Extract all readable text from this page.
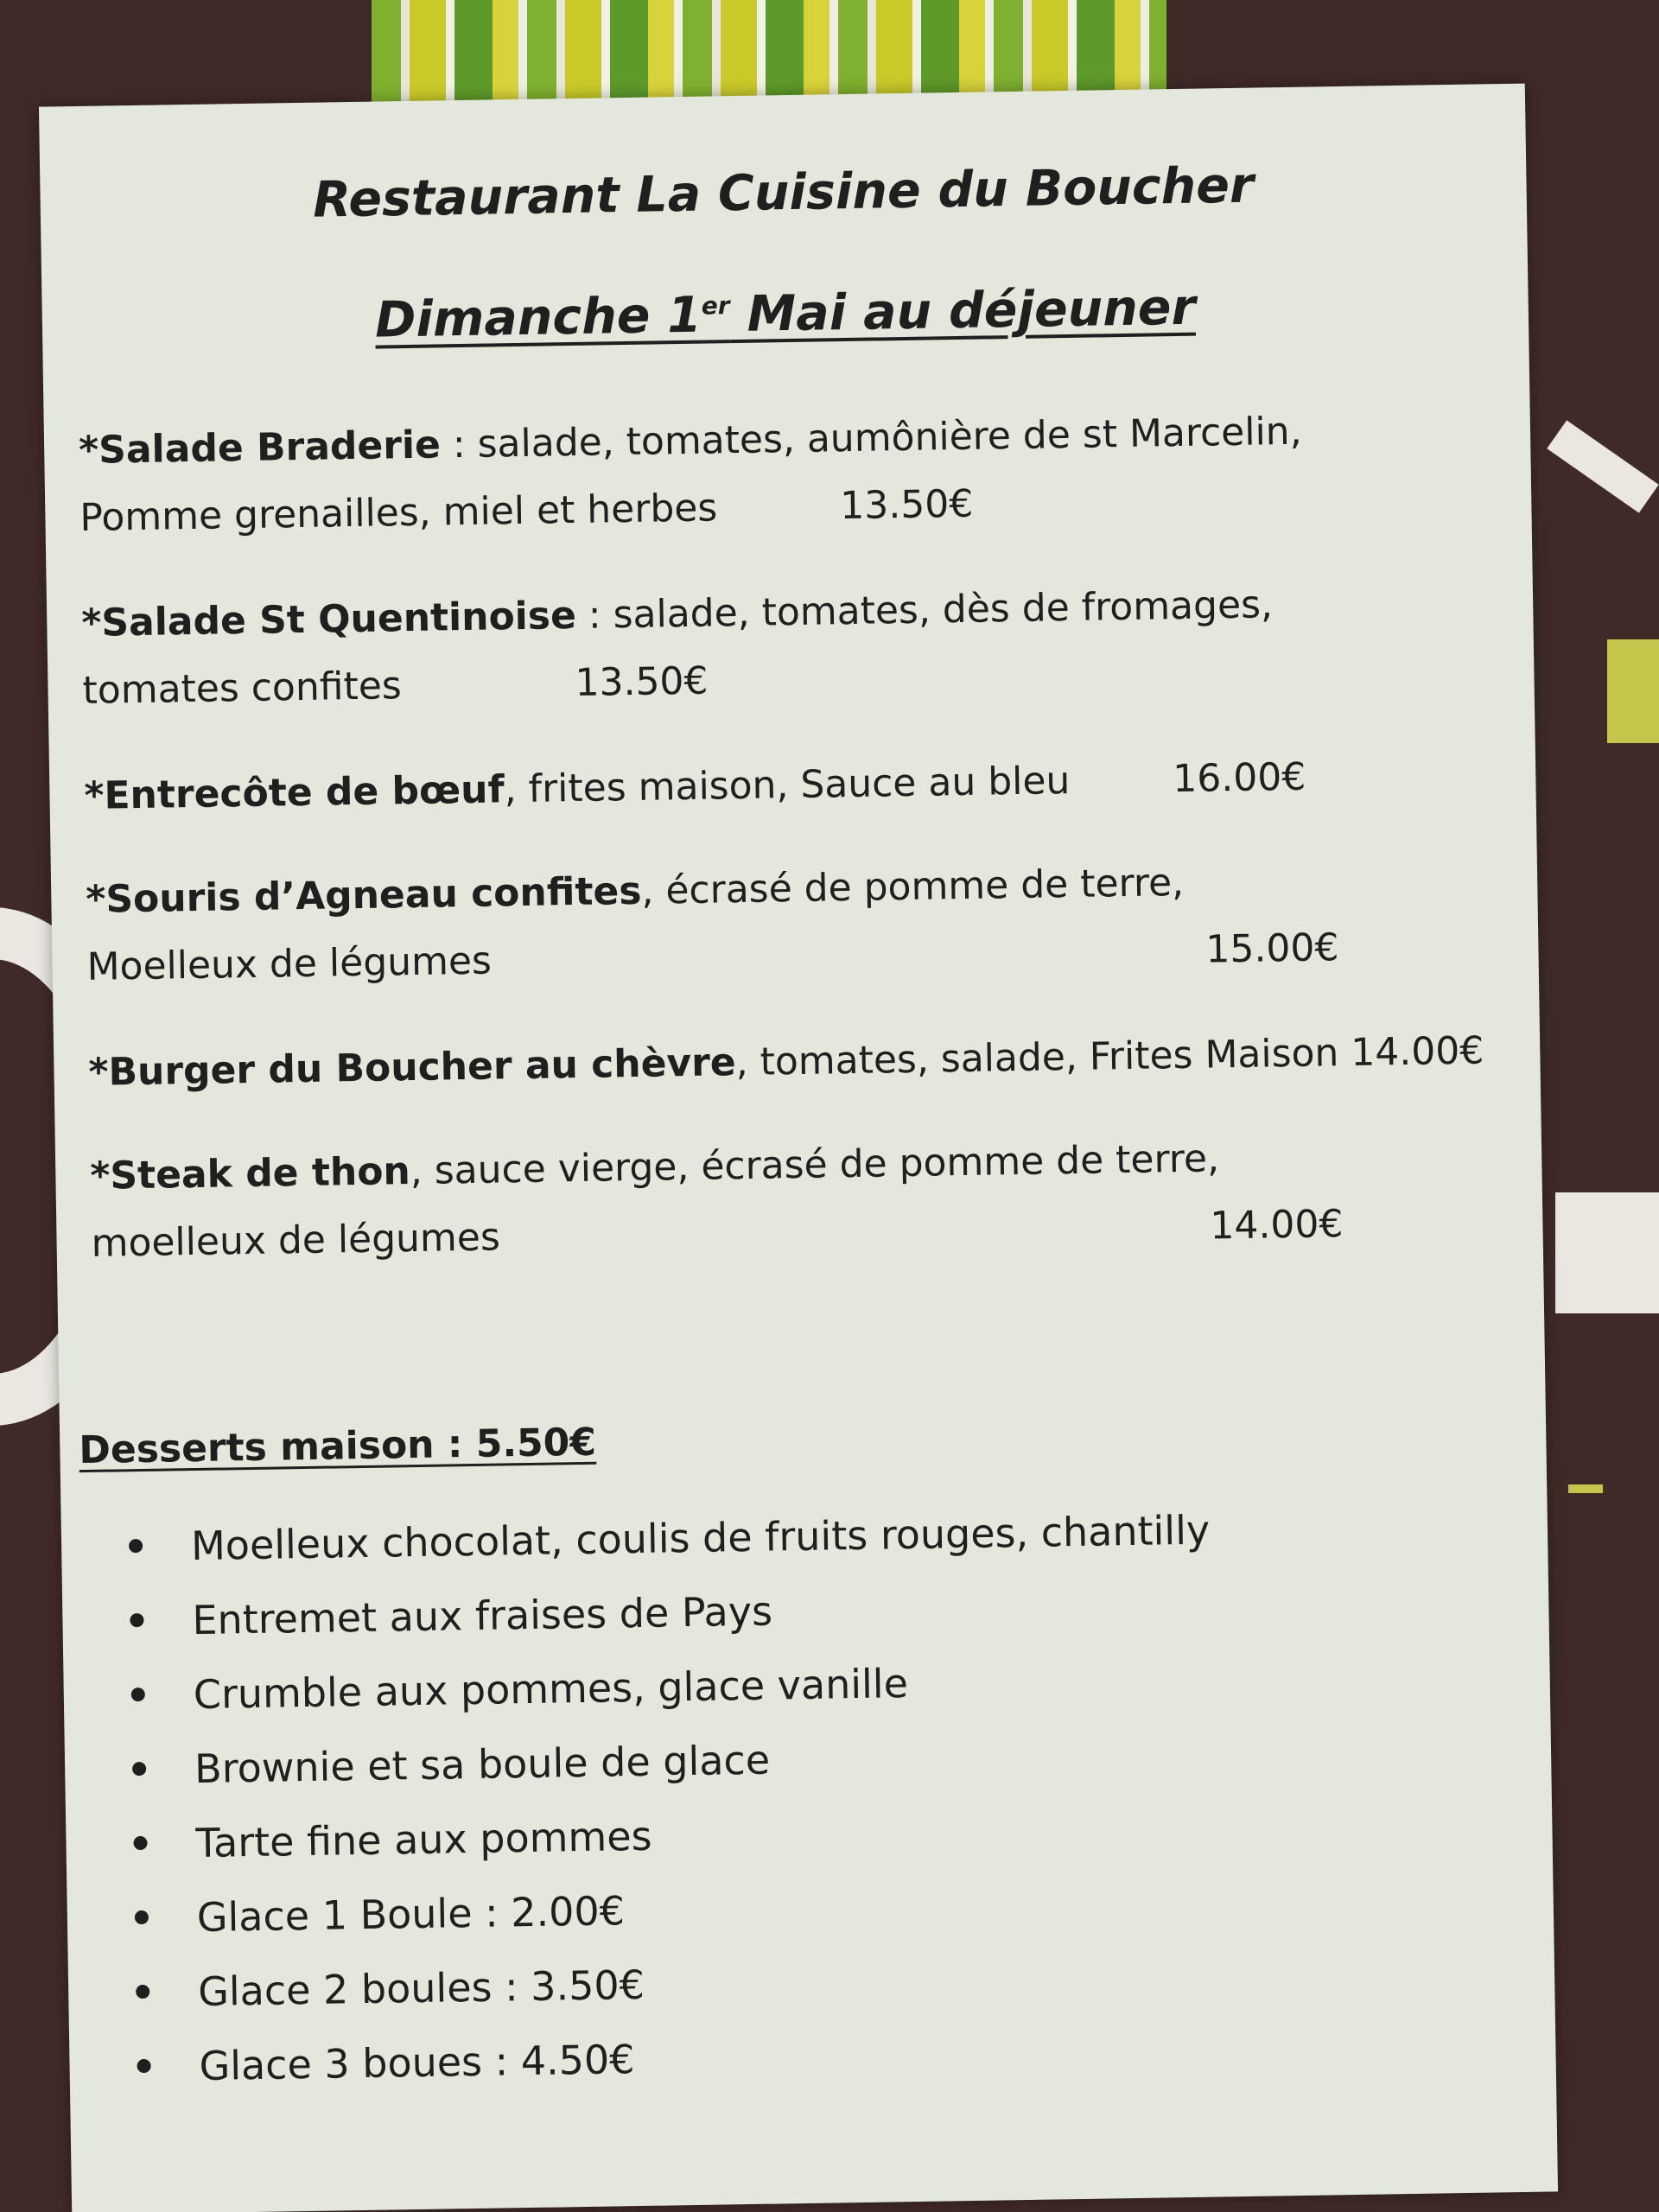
Restaurant La Cuisine du Boucher
Dimanche 1er Mai au déjeuner
*Salade Braderie : salade, tomates, aumônière de st Marcelin,
Pomme grenailles, miel et herbes	13.50€
*Salade St Quentinoise : salade, tomates, dès de fromages,
tomates confites	13.50€
*Entrecôte de bœuf, frites maison, Sauce au bleu	16.00€
*Souris d’Agneau confites, écrasé de pomme de terre,
Moelleux de légumes	15.00€
*Burger du Boucher au chèvre, tomates, salade, Frites Maison 14.00€
*Steak de thon, sauce vierge, écrasé de pomme de terre,
moelleux de légumes	14.00€
Desserts maison : 5.50€
Moelleux chocolat, coulis de fruits rouges, chantilly
Entremet aux fraises de Pays
Crumble aux pommes, glace vanille
Brownie et sa boule de glace
Tarte fine aux pommes
Glace 1 Boule : 2.00€
Glace 2 boules : 3.50€
Glace 3 boues : 4.50€
